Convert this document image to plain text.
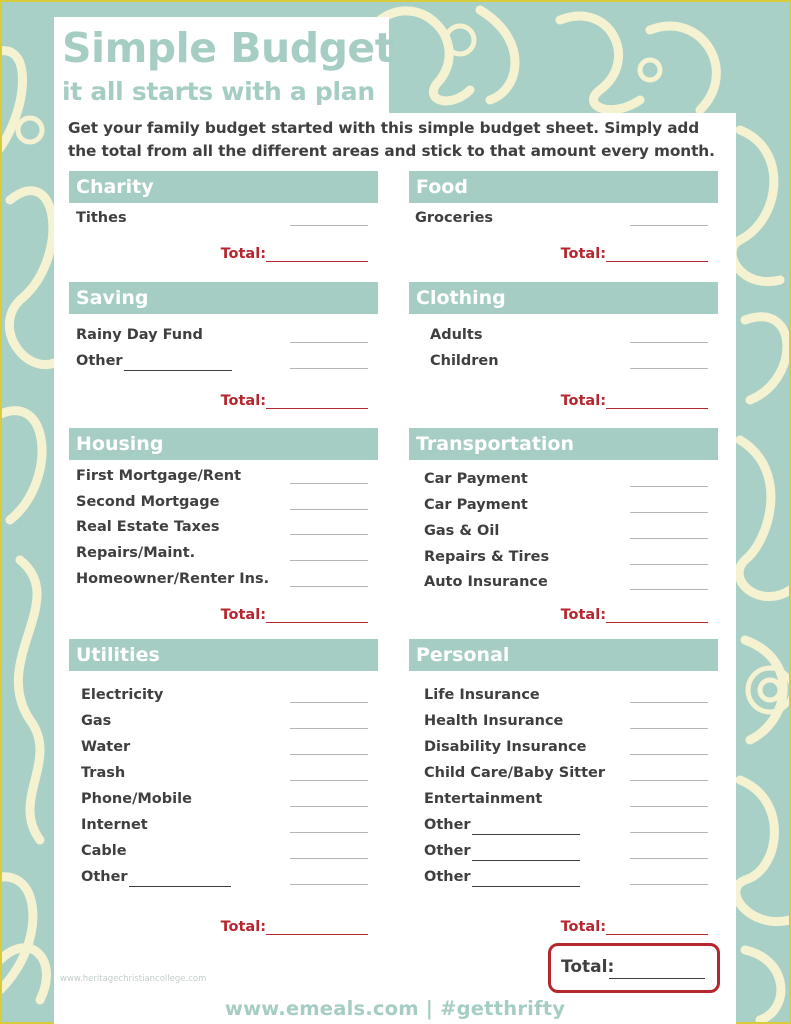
Simple Budget
it all starts with a plan

Get your family budget started with this simple budget sheet. Simply add the total from all the different areas and stick to that amount every month.

Charity
Tithes
Total:
Food
Groceries
Total:
Saving
Rainy Day Fund
Other
Total:
Clothing
Adults
Children
Total:
Housing
First Mortgage/Rent
Second Mortgage
Real Estate Taxes
Repairs/Maint.
Homeowner/Renter Ins.
Total:
Transportation
Car Payment
Car Payment
Gas & Oil
Repairs & Tires
Auto Insurance
Total:
Utilities
Electricity
Gas
Water
Trash
Phone/Mobile
Internet
Cable
Other
Total:
Personal
Life Insurance
Health Insurance
Disability Insurance
Child Care/Baby Sitter
Entertainment
Other
Other
Other
Total:
Total:
www.heritagechristiancollege.com
www.emeals.com | #getthrifty
